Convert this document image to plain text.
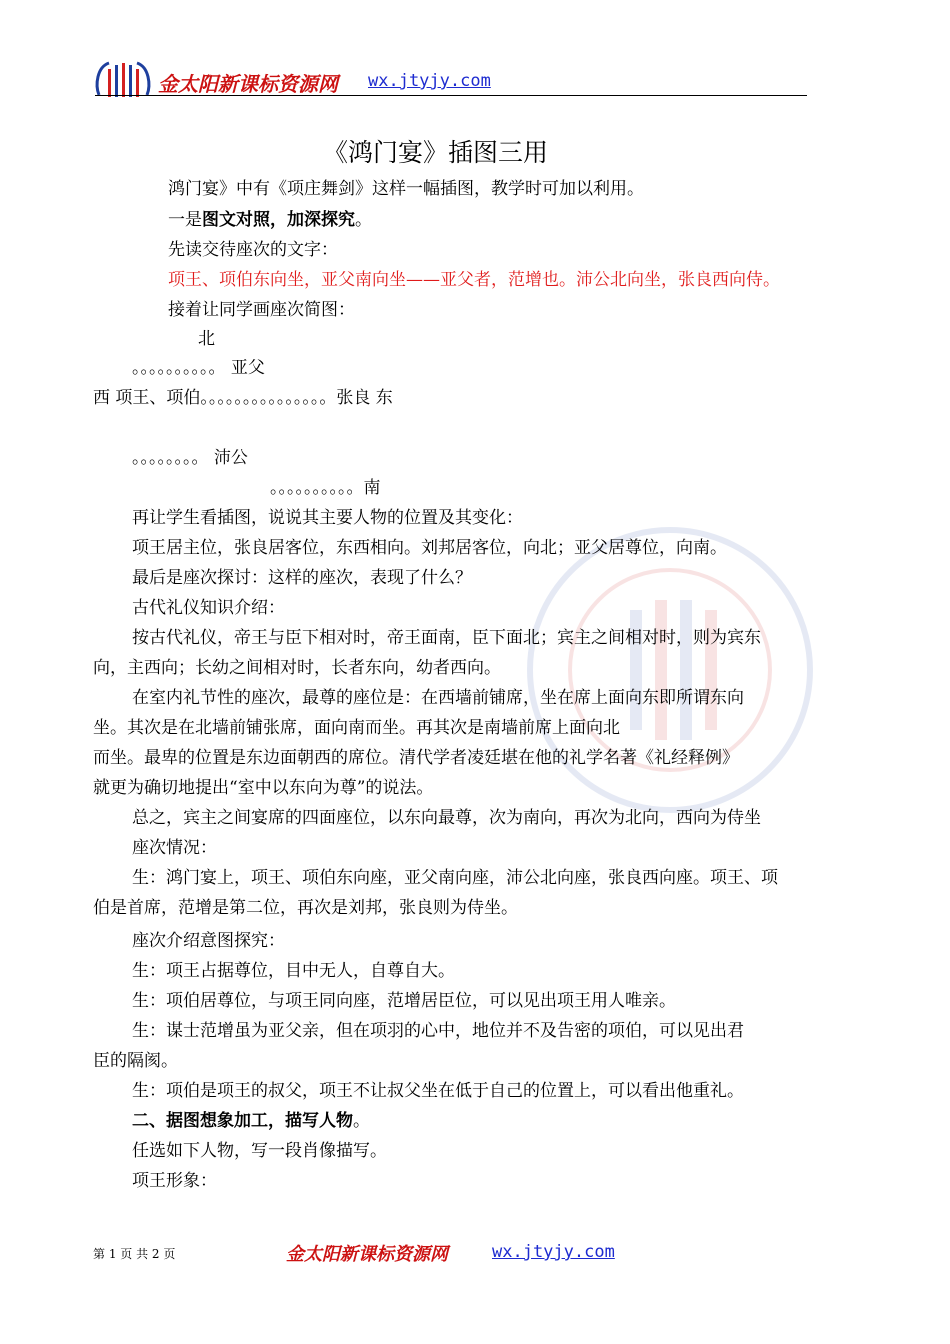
金太阳新课标资源网 wx.jtyjy.com
《鸿门宴》插图三用
鸿门宴》中有《项庄舞剑》这样一幅插图，教学时可加以利用。
一是图文对照，加深探究。
先读交待座次的文字：
项王、项伯东向坐，亚父南向坐——亚父者，范增也。沛公北向坐，张良西向侍。
接着让同学画座次简图：
北
。。。。。。。。。。 亚父
西 项王、项伯。。。。。。。。。。。。。。。张良 东
。。。。。。。。 沛公
。。。。。。。。。。南
再让学生看插图，说说其主要人物的位置及其变化：
项王居主位，张良居客位，东西相向。刘邦居客位，向北；亚父居尊位，向南。
最后是座次探讨：这样的座次，表现了什么？
古代礼仪知识介绍：
按古代礼仪，帝王与臣下相对时，帝王面南，臣下面北；宾主之间相对时，则为宾东
向，主西向；长幼之间相对时，长者东向，幼者西向。
在室内礼节性的座次，最尊的座位是：在西墙前铺席，坐在席上面向东即所谓东向
坐。其次是在北墙前铺张席，面向南而坐。再其次是南墙前席上面向北
而坐。最卑的位置是东边面朝西的席位。清代学者凌廷堪在他的礼学名著《礼经释例》
就更为确切地提出“室中以东向为尊”的说法。
总之，宾主之间宴席的四面座位，以东向最尊，次为南向，再次为北向，西向为侍坐
座次情况：
生：鸿门宴上，项王、项伯东向座，亚父南向座，沛公北向座，张良西向座。项王、项
伯是首席，范增是第二位，再次是刘邦，张良则为侍坐。
座次介绍意图探究：
生：项王占据尊位，目中无人，自尊自大。
生：项伯居尊位，与项王同向座，范增居臣位，可以见出项王用人唯亲。
生：谋士范增虽为亚父亲，但在项羽的心中，地位并不及告密的项伯，可以见出君
臣的隔阂。
生：项伯是项王的叔父，项王不让叔父坐在低于自己的位置上，可以看出他重礼。
二、据图想象加工，描写人物。
任选如下人物，写一段肖像描写。
项王形象：
第 1 页 共 2 页	金太阳新课标资源网	wx.jtyjy.com
